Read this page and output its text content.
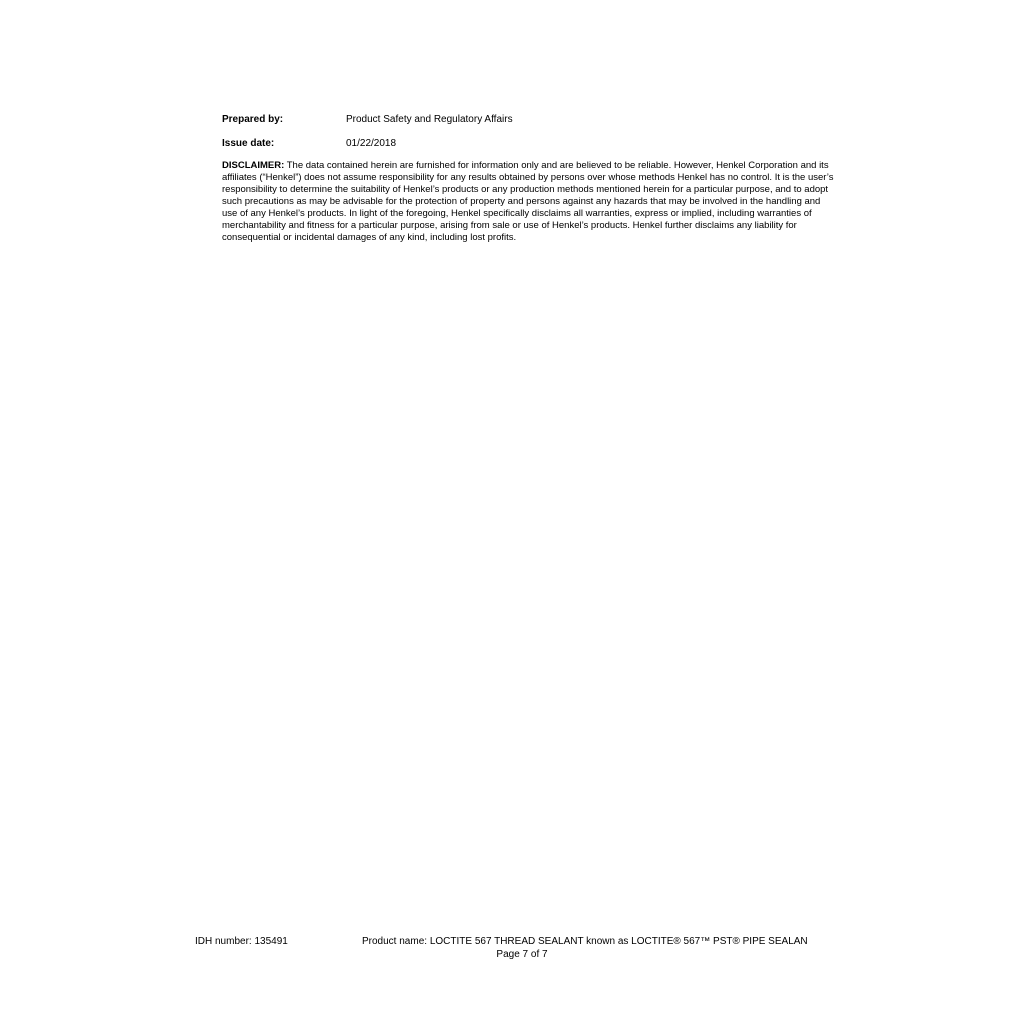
Prepared by:	Product Safety and Regulatory Affairs
Issue date:	01/22/2018
DISCLAIMER: The data contained herein are furnished for information only and are believed to be reliable. However, Henkel Corporation and its affiliates (“Henkel”) does not assume responsibility for any results obtained by persons over whose methods Henkel has no control. It is the user’s responsibility to determine the suitability of Henkel’s products or any production methods mentioned herein for a particular purpose, and to adopt such precautions as may be advisable for the protection of property and persons against any hazards that may be involved in the handling and use of any Henkel’s products. In light of the foregoing, Henkel specifically disclaims all warranties, express or implied, including warranties of merchantability and fitness for a particular purpose, arising from sale or use of Henkel’s products. Henkel further disclaims any liability for consequential or incidental damages of any kind, including lost profits.
IDH number: 135491	Product name: LOCTITE 567 THREAD SEALANT known as LOCTITE® 567™ PST® PIPE SEALAN
Page 7 of 7
